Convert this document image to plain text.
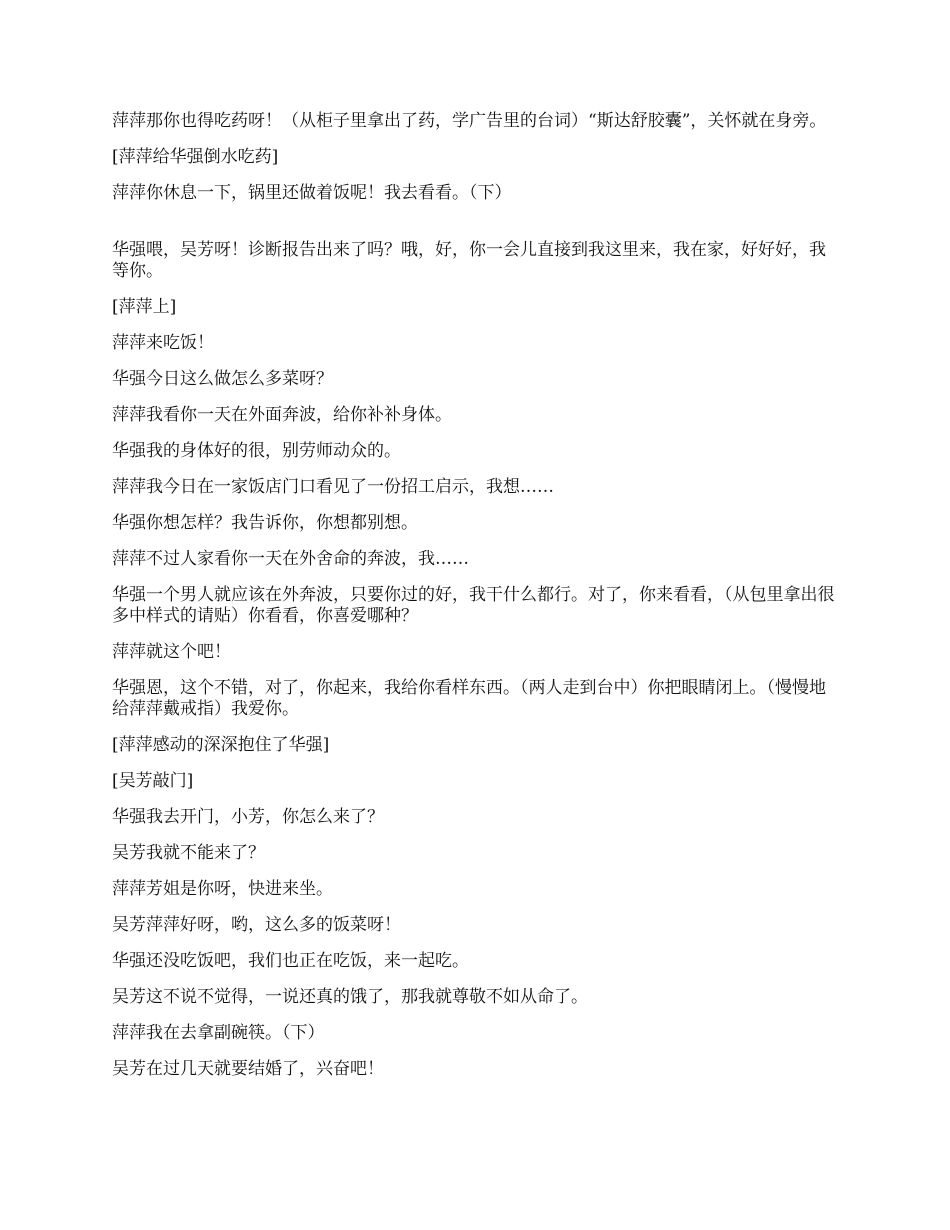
萍萍那你也得吃药呀！（从柜子里拿出了药，学广告里的台词）“斯达舒胶囊”，关怀就在身旁。

[萍萍给华强倒水吃药]

萍萍你休息一下，锅里还做着饭呢！我去看看。（下）

华强喂，吴芳呀！诊断报告出来了吗？哦，好，你一会儿直接到我这里来，我在家，好好好，我等你。

[萍萍上]

萍萍来吃饭！

华强今日这么做怎么多菜呀？

萍萍我看你一天在外面奔波，给你补补身体。

华强我的身体好的很，别劳师动众的。

萍萍我今日在一家饭店门口看见了一份招工启示，我想……

华强你想怎样？我告诉你，你想都别想。

萍萍不过人家看你一天在外舍命的奔波，我……

华强一个男人就应该在外奔波，只要你过的好，我干什么都行。对了，你来看看，（从包里拿出很多中样式的请贴）你看看，你喜爱哪种？

萍萍就这个吧！

华强恩，这个不错，对了，你起来，我给你看样东西。（两人走到台中）你把眼睛闭上。（慢慢地给萍萍戴戒指）我爱你。

[萍萍感动的深深抱住了华强]

[吴芳敲门]

华强我去开门，小芳，你怎么来了？

吴芳我就不能来了？

萍萍芳姐是你呀，快进来坐。

吴芳萍萍好呀，哟，这么多的饭菜呀！

华强还没吃饭吧，我们也正在吃饭，来一起吃。

吴芳这不说不觉得，一说还真的饿了，那我就尊敬不如从命了。

萍萍我在去拿副碗筷。（下）

吴芳在过几天就要结婚了，兴奋吧！
